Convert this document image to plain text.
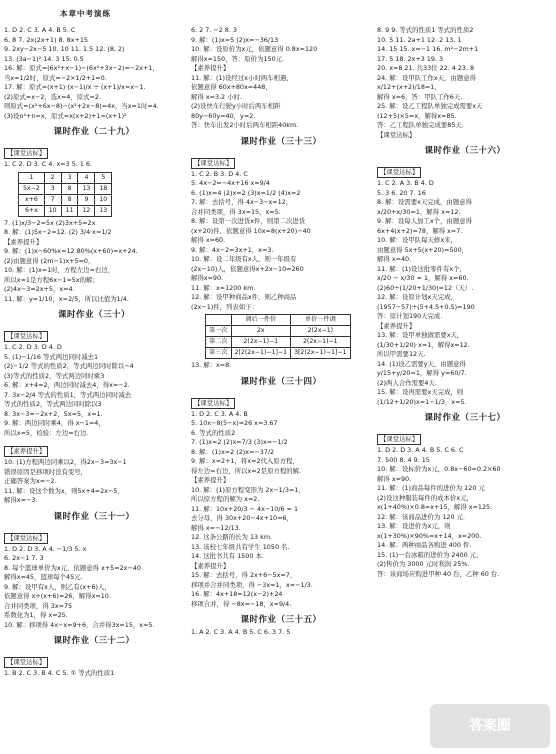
本章中考演练
1. D 2. C 3. A 4. B 5. C
6. 8 7. 2x(2x+1) 8. 8x+15
9. 2xy−2x−5 10. 10 11. 1.5 12. (8, 2)
13. (3a−1)² 14. 3 15. 0.5
16. 解：原式=(6x²+x−1)−(6x²+3x−2)=−2x+1，
当x=1/2时，原式=−2×1/2+1=0.
17. 解：原式=(x+1)·(x−1)/x ÷ (x+1)/x=x−1.
(2)原式=x−2，选x=4，原式=2.
则原式=(x²+6x−8)−(x²+2x−8)=4x，当x=1时=4.
(3)设n²+n=x，原式=x(x+2)+1=(x+1)²
课时作业（二十九）
【课堂达标】
1. C 2. D 3. C 4. x=3 5. 1 6.
1	2	3	4	5
5x−2	3	8	13	18
x+6	7	8	9	10
6+x	10	11	12	13
7. (1)x/3−2=5x (2)3x+5=2x
8. 解：(1)5x−2=12. (2) 3/4·x=1/2
【素养提升】
9. 解：(1)x−60%x=12 80%(x+60)=x+24.
(2)由题意得 (2m−1)x+5=0，
10. 解：(1)x=1时，方程左边=右边，
所以x=1是方程6x−1=5x的解；
(2)4x−3=2x+5，x=4.
11. 解：y=1/10，x=2/5，所以比值为1/4.
课时作业（三十）
【课堂达标】
1. C 2. D 3. D 4. D
5. (1)−1/16 等式两边同时减去1
(2)−1/2 等式的性质2，等式两边同时除以−4
(3)等式的性质2，等式两边同时乘3
6. 解：x+4=2，两边同时减去4，得x=−2.
7. 3x−2/4 等式的性质1，等式两边同时减去
等式的性质2，等式两边同时除以3
8. 3x−3=−2x+2，5x=5，x=1.
9. 解：两边同时乘4，得 x−1=4，
所以x=5，检验：左边=右边.
【素养提升】
10. (1)方程两边同乘以2，得2x−3=3x−1
错误原因是移项时没有变号，
正确答案为x=−2.
11. 解：设这个数为x，则5x+4=2x−5，
解得x=−3.
课时作业（三十一）
【课堂达标】
1. D 2. D 3. A 4. −1/3 5. x
6. 2x−1 7. 3
8. 每个篮球单价为x元，依题意得 x+5=2x−40
解得x=45，篮球每个45元.
9. 解：设甲有x人，则乙有(x+6)人，
依题意得 x+(x+6)=26，解得x=10.
合并同类项，得 3x=75
系数化为1，得 x=25.
10. 解：移项得 4x−x=9+6，合并得3x=15，x=5.
课时作业（三十二）
【课堂达标】
1. B 2. C 3. B 4. C 5. ① 等式的性质1
6. 2 7. −2 8. 3
9. 解：(1)x=5 (2)x=−36/13
10. 解：设原价为x元，依题意得 0.8x=120
解得x=150，答：原价为150元.
【素养提升】
11. 解：(1)设经过x小时两车相遇，
依题意得 60x+80x=448，
解得 x=3.2 小时.
(2)设快车行驶y小时后两车相距
80y−60y=40，y=2.
答：快车出发2小时后两车相距40km.
课时作业（三十三）
【课堂达标】
1. C 2. B 3. D 4. C
5. 4x−2=−4x+16 x=9/4
6. (1)x=4 (2)x=2 (3)x=1/2 (4)x=2
7. 解：去括号，得 4x−3−x=12，
合并同类项，得 3x=15，x=5.
8. 解：设第一次进货x件，则第二次进货
(x+20)件，依题意得 10x=8(x+20)−40
解得 x=60.
9. 解：4x−2=3x+1，x=3.
10. 解：设二年级有x人，则一年级有
(2x−10)人，依题意得x+2x−10=260
解得x=90.
11. 解：x=1200 km.
12. 解：设甲种商品x件，则乙种商品
(2x−1)件，列表如下：
	调后一件价	单价一件调
第一次	2x	2(2x−1)
第二次	2(2x−1)−1	2(2x−1)−1
第三次	2[2(2x−1)−1]−1	3[2(2x−1)−1]−1
13. 解：x=8.
课时作业（三十四）
【课堂达标】
1. D 2. C 3. A 4. B
5. 10x−8(5−x)=26 x=3.67
6. 等式的性质2
7. (1)x=2 (2)x=7/3 (3)x=−1/2
8. 解：(1)x=2 (2)x=−37/2
9. 解：x=2+1，将x=2代入原方程，
得左边=右边，所以x=2是原方程的解.
【素养提升】
10. 解：(1)原方程变形为 2x−1/3=1，
所以原方程的解为 x=2.
11. 解：10x+20/3 − 4x−10/6 = 1
去分母，得 30x+20−4x+10=6，
解得 x=−12/13.
12. 这条公路的长为 13 km.
13. 该校七年级共有学生 1050 名.
14. 这批书共有 1500 本.
【素养提升】
15. 解：去括号，得 2x+6−5x=7，
移项并合并同类项，得 −3x=1，x=−1/3.
16. 解：4x+18=12(x−2)+24
移项合并，得 −8x=−18，x=9/4.
课时作业（三十五）
1. A 2. C 3. A 4. B 5. C 6. 3 7. 5
8. 9 9. 等式的性质1 等式的性质2
10. 5 11. 2a+1 12. 2 13. 1
14. 15 15. x=−1 16. m²−2m+1
17. 5 18. 2x+3 19. 3
20. x=8 21. 共33位 22. 4 23. 8
24. 解：设甲队工作x天，由题意得
x/12+(x+2)/18=1，
解得 x=6，答：甲队工作6天.
25. 解：设乙工程队单独完成需要x天
(12+5)×5=x，解得x=85.
答：乙工程队单独完成要85天.
【课堂达标】
课时作业（三十六）
【课堂达标】
1. C 2. A 3. B 4. D
5. 3 6. 20 7. 16
8. 解：设需要x天完成，由题意得
x/20+x/30=1，解得 x=12.
9. 解：设每人加工x个，由题意得
6x+4(x+2)=78，解得 x=7.
10. 解：设甲队每天修x米，
由题意得 5x+5(x+20)=500，
解得 x=40.
11. 解：(1)设这批零件有x个，
x/20 − x/30 = 1，解得 x=60.
(2)60÷(1/20+1/30)=12（天）.
12. 解：设原计划x天完成，
(1957−57)÷(5+4.5+0.5)=190
答：原计划190天完成.
【素养提升】
13. 解：设甲单独做需要x天，
(1/30+1/20)·x=1，解得x=12.
所以甲需要12天.
14. (1)设乙需要y天，由题意得
y/15+y/20=1，解得 y=60/7.
(2)两人合作需要4天.
15. 解：设再需要x天完成，则
(1/12+1/20)x=1−1/3，x=5.
课时作业（三十七）
【课堂达标】
1. D 2. D 3. A 4. B 5. C 6. C
7. 500 8. 4 9. 15
10. 解：设标价为x元，0.8x−60=0.2×60
解得 x=90.
11. 解：(1)商品每件的进价为 120 元
(2)设这种服装每件的成本价x元，
x(1+40%)×0.8=x+15，解得 x=125.
12. 解：该商品进价为 120 元.
13. 解：设进价为x元，则
x(1+30%)×90%=x+14，x=200.
14. 解：两种商品各购进 400 件.
15. (1)一台冰箱的进价为 2400 元，
(2)售价为 3000 元时利润 25%.
答：该商场应购进甲种 40 台，乙种 60 台.
答案圈
